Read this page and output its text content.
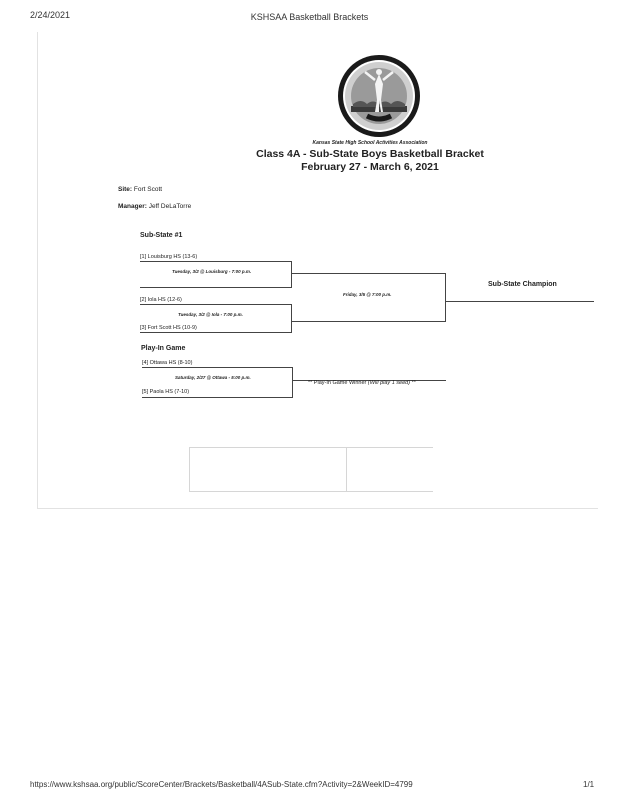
2/24/2021	KSHSAA Basketball Brackets
Kansas State High School Activities Association
Class 4A - Sub-State Boys Basketball Bracket
February 27 - March 6, 2021
Site: Fort Scott
Manager: Jeff DeLaTorre
Sub-State #1
Play-In Game
[1] Louisburg HS (13-6)
[2] Iola HS (12-6)
[3] Fort Scott HS (10-9)
[4] Ottawa HS (8-10)
[5] Paola HS (7-10)
Tuesday, 3/2 @ Louisburg - 7:00 p.m.
Tuesday, 3/2 @ Iola - 7:00 p.m.
Friday, 3/5 @ 7:00 p.m.
Saturday, 2/27 @ Ottawa - 5:00 p.m.
Sub-State Champion
** Play-In Game Winner (Will play 1 seed) **
https://www.kshsaa.org/public/ScoreCenter/Brackets/Basketball/4ASub-State.cfm?Activity=2&WeekID=4799	1/1
